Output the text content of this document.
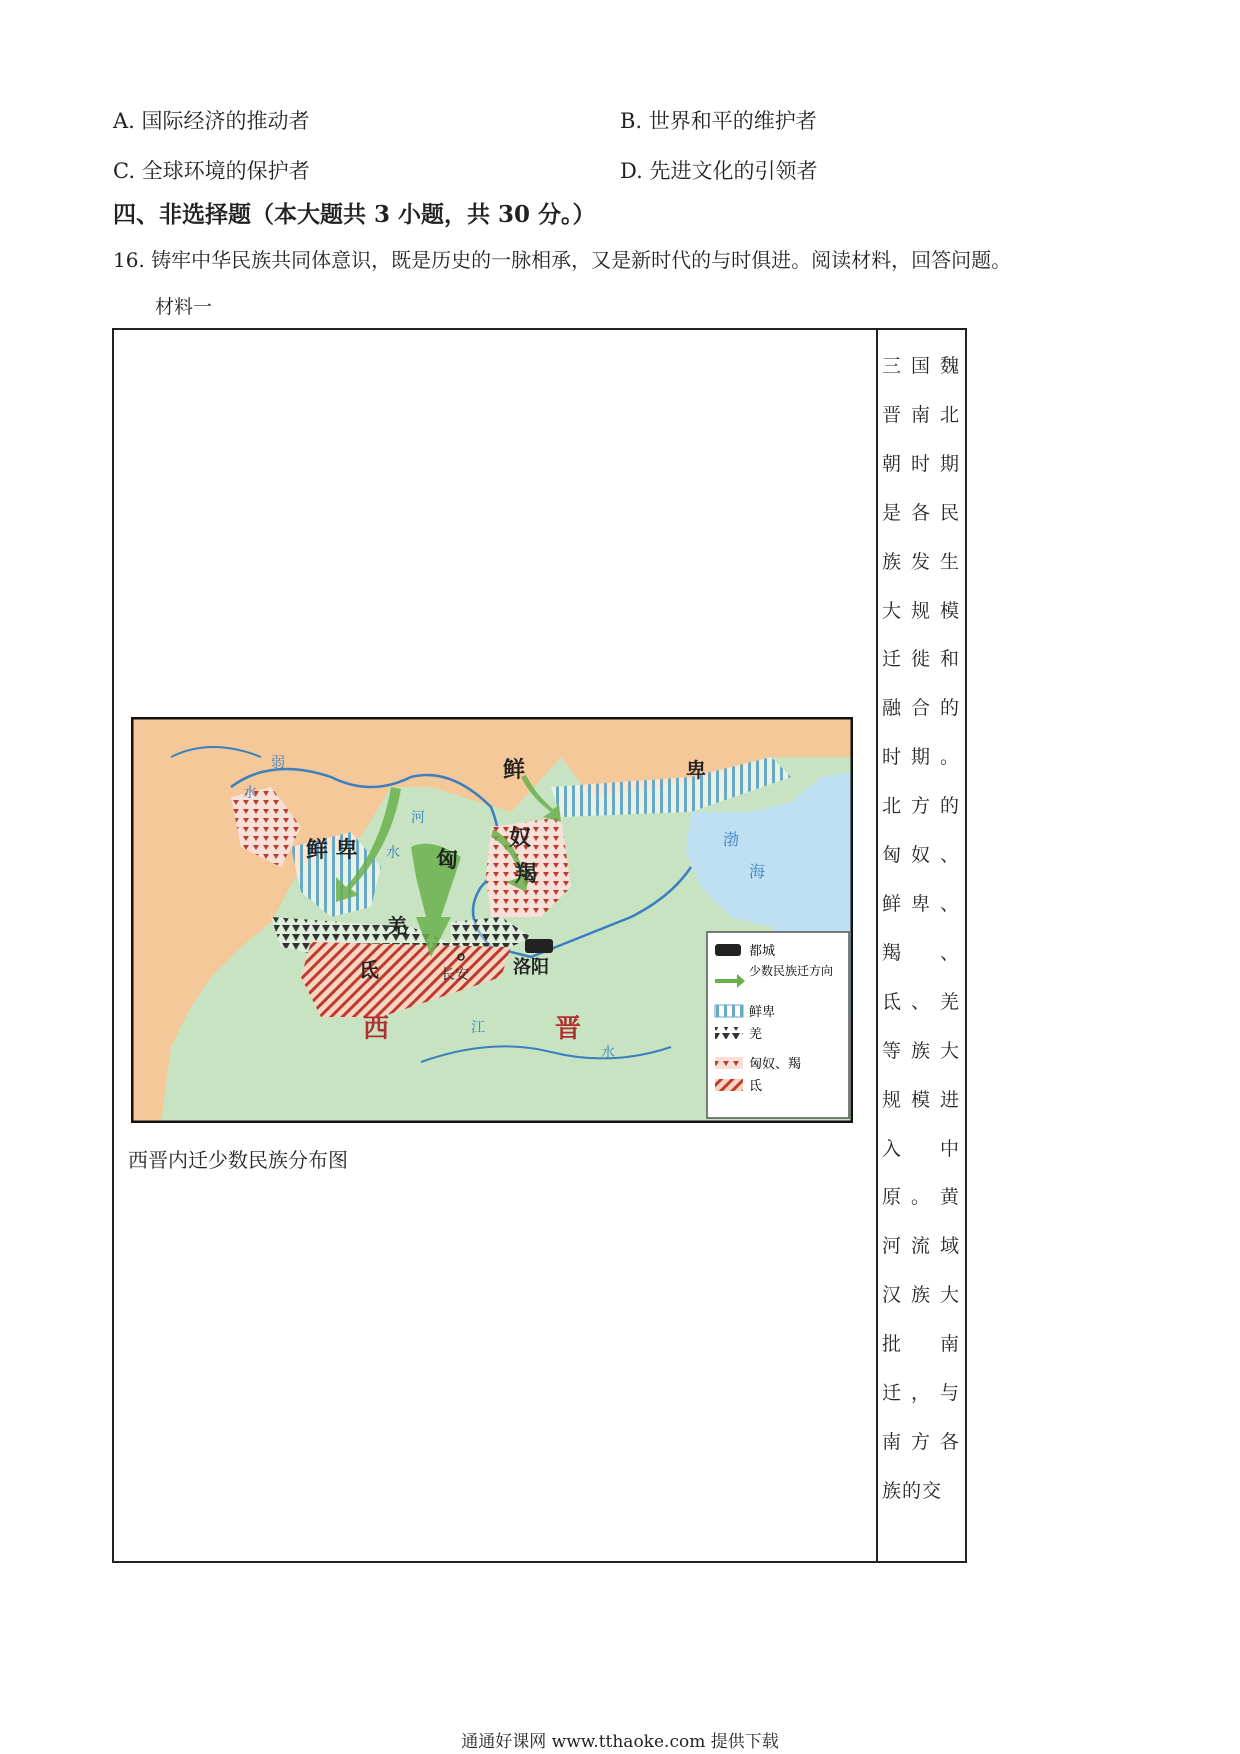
A. 国际经济的推动者	B. 世界和平的维护者
C. 全球环境的保护者	D. 先进文化的引领者
四、非选择题（本大题共 3 小题，共 30 分。）
16. 铸牢中华民族共同体意识，既是历史的一脉相承，又是新时代的与时俱进。阅读材料，回答问题。
材料一
三国魏晋南北朝时期是各民族发生大规模迁徙和融合的时期。北方的匈奴、鲜卑、羯、氐、羌等族大规模进入中原。黄河流域汉族大批南迁，与南方各族的交
鲜
鲜 卑
卑
匈
奴
羯
羌
氐
西	晋
长安 洛阳
弱
水
河
水
渤
海
江
水
都城
少数民族迁方向
鲜卑
羌
匈奴、羯
氐
西晋内迁少数民族分布图
通通好课网 www.tthaoke.com 提供下载
